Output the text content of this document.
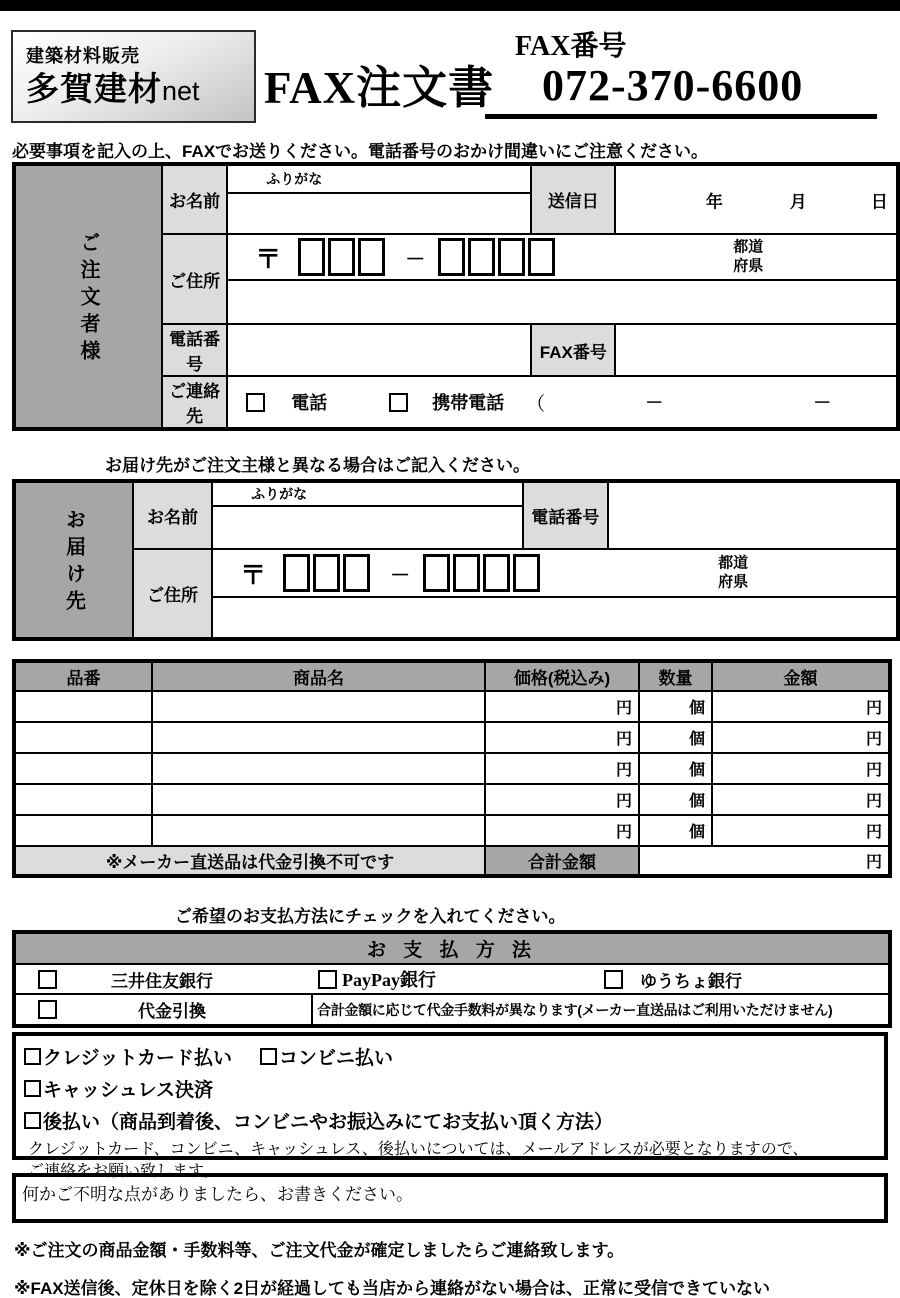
建築材料販売
多賀建材net	FAX注文書
FAX番号
072-370-6600

必要事項を記入の上、FAXでお送りください。電話番号のおかけ間違いにご注意ください。

ご注文者様	お名前	ふりがな	送信日	年 月 日

	ご住所	〒 －
都道
府県		

	電話番号		FAX番号	
	ご連絡先	電話 携帯電話 （ － －		

お届け先がご注文主様と異なる場合はご記入ください。

お届け先	お名前	ふりがな	電話番号	

	ご住所	〒 －
都道
府県		

品番	商品名	価格(税込み)	数量	金額
		円	個	円
		円	個	円
		円	個	円
		円	個	円
		円	個	円
※メーカー直送品は代金引換不可です		合計金額	円	

ご希望のお支払方法にチェックを入れてください。

お 支 払 方 法

三井住友銀行	PayPay銀行	ゆうちょ銀行

代金引換	合計金額に応じて代金手数料が異なります(メーカー直送品はご利用いただけません)
クレジットカード払い コンビニ払い
キャッシュレス決済
後払い（商品到着後、コンビニやお振込みにてお支払い頂く方法）
クレジットカード、コンビニ、キャッシュレス、後払いについては、メールアドレスが必要となりますので、
ご連絡をお願い致します。
何かご不明な点がありましたら、お書きください。

※ご注文の商品金額・手数料等、ご注文代金が確定しましたらご連絡致します。

※FAX送信後、定休日を除く2日が経過しても当店から連絡がない場合は、正常に受信できていない
